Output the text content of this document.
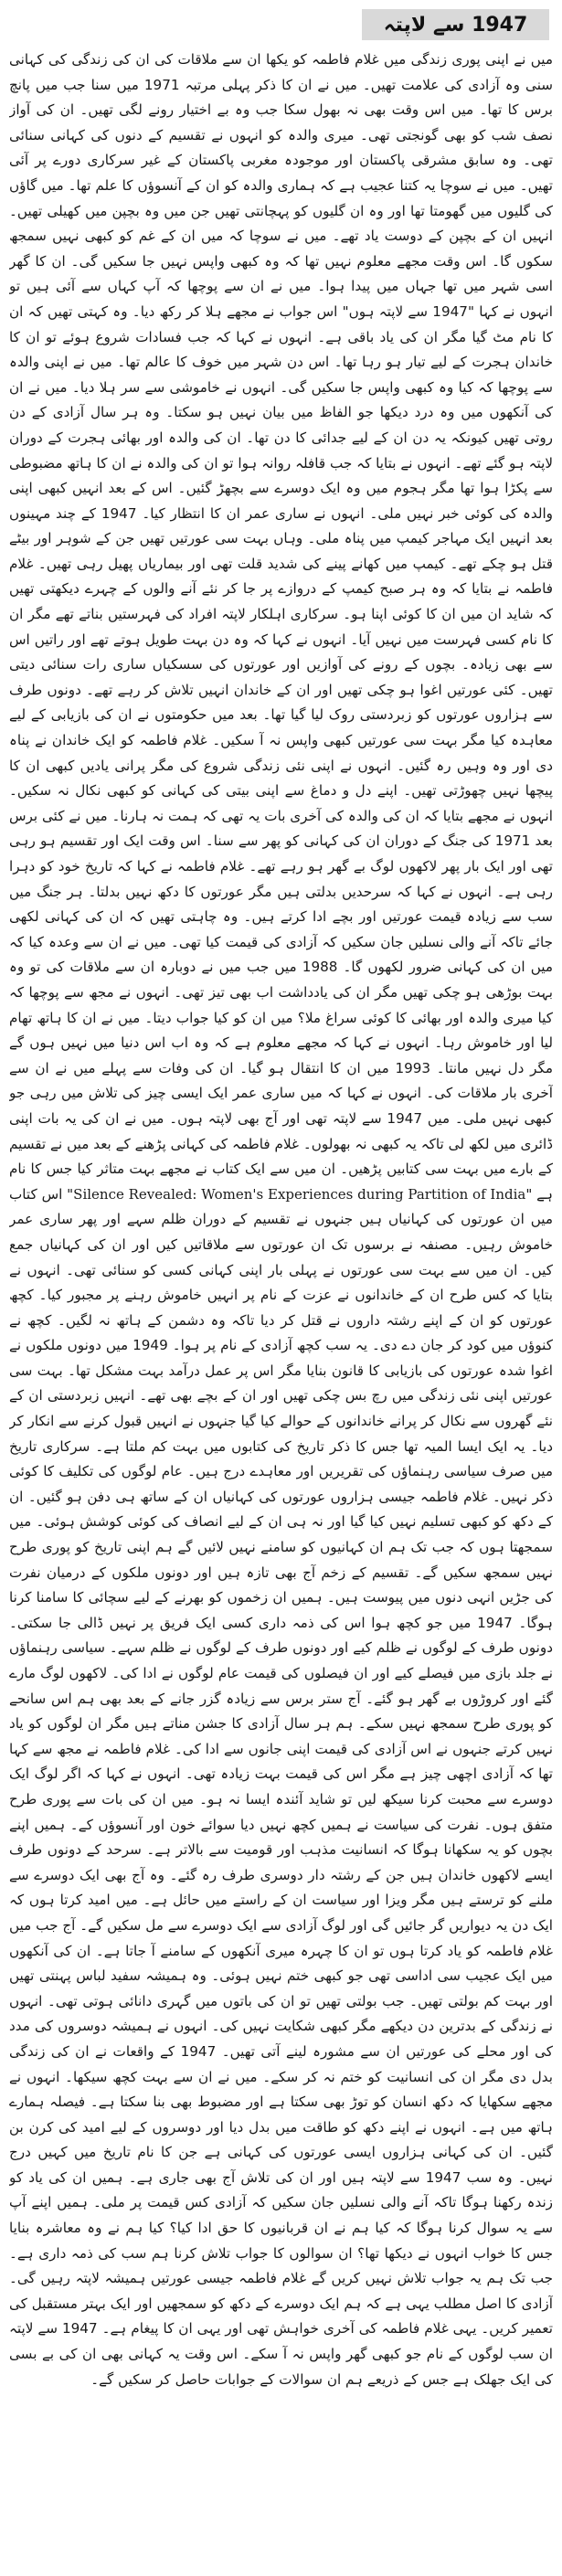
1947 سے لاپتہ

میں نے اپنی پوری زندگی میں غلام فاطمہ کو یکھا ان سے ملاقات کی ان کی زندگی کی کہانی سنی وہ آزادی کی علامت تھیں۔ میں نے ان کا ذکر پہلی مرتبہ 1971 میں سنا جب میں پانچ برس کا تھا۔ میں اس وقت بھی نہ بھول سکا جب وہ بے اختیار رونے لگی تھیں۔ ان کی آواز نصف شب کو بھی گونجتی تھی۔ میری والدہ کو انہوں نے تقسیم کے دنوں کی کہانی سنائی تھی۔ وہ سابق مشرقی پاکستان اور موجودہ مغربی پاکستان کے غیر سرکاری دورے پر آئی تھیں۔ میں نے سوچا یہ کتنا عجیب ہے کہ ہماری والدہ کو ان کے آنسوؤں کا علم تھا۔ میں گاؤں کی گلیوں میں گھومتا تھا اور وہ ان گلیوں کو پہچانتی تھیں جن میں وہ بچپن میں کھیلی تھیں۔ انہیں ان کے بچپن کے دوست یاد تھے۔ میں نے سوچا کہ میں ان کے غم کو کبھی نہیں سمجھ سکوں گا۔ اس وقت مجھے معلوم نہیں تھا کہ وہ کبھی واپس نہیں جا سکیں گی۔ ان کا گھر اسی شہر میں تھا جہاں میں پیدا ہوا۔ میں نے ان سے پوچھا کہ آپ کہاں سے آئی ہیں تو انہوں نے کہا "1947 سے لاپتہ ہوں" اس جواب نے مجھے ہلا کر رکھ دیا۔ وہ کہتی تھیں کہ ان کا نام مٹ گیا مگر ان کی یاد باقی ہے۔ انہوں نے کہا کہ جب فسادات شروع ہوئے تو ان کا خاندان ہجرت کے لیے تیار ہو رہا تھا۔ اس دن شہر میں خوف کا عالم تھا۔ میں نے اپنی والدہ سے پوچھا کہ کیا وہ کبھی واپس جا سکیں گی۔ انہوں نے خاموشی سے سر ہلا دیا۔ میں نے ان کی آنکھوں میں وہ درد دیکھا جو الفاظ میں بیان نہیں ہو سکتا۔ وہ ہر سال آزادی کے دن روتی تھیں کیونکہ یہ دن ان کے لیے جدائی کا دن تھا۔ ان کی والدہ اور بھائی ہجرت کے دوران لاپتہ ہو گئے تھے۔ انہوں نے بتایا کہ جب قافلہ روانہ ہوا تو ان کی والدہ نے ان کا ہاتھ مضبوطی سے پکڑا ہوا تھا مگر ہجوم میں وہ ایک دوسرے سے بچھڑ گئیں۔ اس کے بعد انہیں کبھی اپنی والدہ کی کوئی خبر نہیں ملی۔ انہوں نے ساری عمر ان کا انتظار کیا۔ 1947 کے چند مہینوں بعد انہیں ایک مہاجر کیمپ میں پناہ ملی۔ وہاں بہت سی عورتیں تھیں جن کے شوہر اور بیٹے قتل ہو چکے تھے۔ کیمپ میں کھانے پینے کی شدید قلت تھی اور بیماریاں پھیل رہی تھیں۔ غلام فاطمہ نے بتایا کہ وہ ہر صبح کیمپ کے دروازے پر جا کر نئے آنے والوں کے چہرے دیکھتی تھیں کہ شاید ان میں ان کا کوئی اپنا ہو۔ سرکاری اہلکار لاپتہ افراد کی فہرستیں بناتے تھے مگر ان کا نام کسی فہرست میں نہیں آیا۔ انہوں نے کہا کہ وہ دن بہت طویل ہوتے تھے اور راتیں اس سے بھی زیادہ۔ بچوں کے رونے کی آوازیں اور عورتوں کی سسکیاں ساری رات سنائی دیتی تھیں۔ کئی عورتیں اغوا ہو چکی تھیں اور ان کے خاندان انہیں تلاش کر رہے تھے۔ دونوں طرف سے ہزاروں عورتوں کو زبردستی روک لیا گیا تھا۔ بعد میں حکومتوں نے ان کی بازیابی کے لیے معاہدہ کیا مگر بہت سی عورتیں کبھی واپس نہ آ سکیں۔ غلام فاطمہ کو ایک خاندان نے پناہ دی اور وہ وہیں رہ گئیں۔ انہوں نے اپنی نئی زندگی شروع کی مگر پرانی یادیں کبھی ان کا پیچھا نہیں چھوڑتی تھیں۔ اپنے دل و دماغ سے اپنی بیتی کی کہانی کو کبھی نکال نہ سکیں۔ انہوں نے مجھے بتایا کہ ان کی والدہ کی آخری بات یہ تھی کہ ہمت نہ ہارنا۔ میں نے کئی برس بعد 1971 کی جنگ کے دوران ان کی کہانی کو پھر سے سنا۔ اس وقت ایک اور تقسیم ہو رہی تھی اور ایک بار پھر لاکھوں لوگ بے گھر ہو رہے تھے۔ غلام فاطمہ نے کہا کہ تاریخ خود کو دہرا رہی ہے۔ انہوں نے کہا کہ سرحدیں بدلتی ہیں مگر عورتوں کا دکھ نہیں بدلتا۔ ہر جنگ میں سب سے زیادہ قیمت عورتیں اور بچے ادا کرتے ہیں۔ وہ چاہتی تھیں کہ ان کی کہانی لکھی جائے تاکہ آنے والی نسلیں جان سکیں کہ آزادی کی قیمت کیا تھی۔ میں نے ان سے وعدہ کیا کہ میں ان کی کہانی ضرور لکھوں گا۔ 1988 میں جب میں نے دوبارہ ان سے ملاقات کی تو وہ بہت بوڑھی ہو چکی تھیں مگر ان کی یادداشت اب بھی تیز تھی۔ انہوں نے مجھ سے پوچھا کہ کیا میری والدہ اور بھائی کا کوئی سراغ ملا؟ میں ان کو کیا جواب دیتا۔ میں نے ان کا ہاتھ تھام لیا اور خاموش رہا۔ انہوں نے کہا کہ مجھے معلوم ہے کہ وہ اب اس دنیا میں نہیں ہوں گے مگر دل نہیں مانتا۔ 1993 میں ان کا انتقال ہو گیا۔ ان کی وفات سے پہلے میں نے ان سے آخری بار ملاقات کی۔ انہوں نے کہا کہ میں ساری عمر ایک ایسی چیز کی تلاش میں رہی جو کبھی نہیں ملی۔ میں 1947 سے لاپتہ تھی اور آج بھی لاپتہ ہوں۔ میں نے ان کی یہ بات اپنی ڈائری میں لکھ لی تاکہ یہ کبھی نہ بھولوں۔ غلام فاطمہ کی کہانی پڑھنے کے بعد میں نے تقسیم کے بارے میں بہت سی کتابیں پڑھیں۔ ان میں سے ایک کتاب نے مجھے بہت متاثر کیا جس کا نام ہے "Silence Revealed: Women's Experiences during Partition of India" اس کتاب میں ان عورتوں کی کہانیاں ہیں جنہوں نے تقسیم کے دوران ظلم سہے اور پھر ساری عمر خاموش رہیں۔ مصنفہ نے برسوں تک ان عورتوں سے ملاقاتیں کیں اور ان کی کہانیاں جمع کیں۔ ان میں سے بہت سی عورتوں نے پہلی بار اپنی کہانی کسی کو سنائی تھی۔ انہوں نے بتایا کہ کس طرح ان کے خاندانوں نے عزت کے نام پر انہیں خاموش رہنے پر مجبور کیا۔ کچھ عورتوں کو ان کے اپنے رشتہ داروں نے قتل کر دیا تاکہ وہ دشمن کے ہاتھ نہ لگیں۔ کچھ نے کنوؤں میں کود کر جان دے دی۔ یہ سب کچھ آزادی کے نام پر ہوا۔ 1949 میں دونوں ملکوں نے اغوا شدہ عورتوں کی بازیابی کا قانون بنایا مگر اس پر عمل درآمد بہت مشکل تھا۔ بہت سی عورتیں اپنی نئی زندگی میں رچ بس چکی تھیں اور ان کے بچے بھی تھے۔ انہیں زبردستی ان کے نئے گھروں سے نکال کر پرانے خاندانوں کے حوالے کیا گیا جنہوں نے انہیں قبول کرنے سے انکار کر دیا۔ یہ ایک ایسا المیہ تھا جس کا ذکر تاریخ کی کتابوں میں بہت کم ملتا ہے۔ سرکاری تاریخ میں صرف سیاسی رہنماؤں کی تقریریں اور معاہدے درج ہیں۔ عام لوگوں کی تکلیف کا کوئی ذکر نہیں۔ غلام فاطمہ جیسی ہزاروں عورتوں کی کہانیاں ان کے ساتھ ہی دفن ہو گئیں۔ ان کے دکھ کو کبھی تسلیم نہیں کیا گیا اور نہ ہی ان کے لیے انصاف کی کوئی کوشش ہوئی۔ میں سمجھتا ہوں کہ جب تک ہم ان کہانیوں کو سامنے نہیں لائیں گے ہم اپنی تاریخ کو پوری طرح نہیں سمجھ سکیں گے۔ تقسیم کے زخم آج بھی تازہ ہیں اور دونوں ملکوں کے درمیان نفرت کی جڑیں انہی دنوں میں پیوست ہیں۔ ہمیں ان زخموں کو بھرنے کے لیے سچائی کا سامنا کرنا ہوگا۔ 1947 میں جو کچھ ہوا اس کی ذمہ داری کسی ایک فریق پر نہیں ڈالی جا سکتی۔ دونوں طرف کے لوگوں نے ظلم کیے اور دونوں طرف کے لوگوں نے ظلم سہے۔ سیاسی رہنماؤں نے جلد بازی میں فیصلے کیے اور ان فیصلوں کی قیمت عام لوگوں نے ادا کی۔ لاکھوں لوگ مارے گئے اور کروڑوں بے گھر ہو گئے۔ آج ستر برس سے زیادہ گزر جانے کے بعد بھی ہم اس سانحے کو پوری طرح سمجھ نہیں سکے۔ ہم ہر سال آزادی کا جشن مناتے ہیں مگر ان لوگوں کو یاد نہیں کرتے جنہوں نے اس آزادی کی قیمت اپنی جانوں سے ادا کی۔ غلام فاطمہ نے مجھ سے کہا تھا کہ آزادی اچھی چیز ہے مگر اس کی قیمت بہت زیادہ تھی۔ انہوں نے کہا کہ اگر لوگ ایک دوسرے سے محبت کرنا سیکھ لیں تو شاید آئندہ ایسا نہ ہو۔ میں ان کی بات سے پوری طرح متفق ہوں۔ نفرت کی سیاست نے ہمیں کچھ نہیں دیا سوائے خون اور آنسوؤں کے۔ ہمیں اپنے بچوں کو یہ سکھانا ہوگا کہ انسانیت مذہب اور قومیت سے بالاتر ہے۔ سرحد کے دونوں طرف ایسے لاکھوں خاندان ہیں جن کے رشتہ دار دوسری طرف رہ گئے۔ وہ آج بھی ایک دوسرے سے ملنے کو ترستے ہیں مگر ویزا اور سیاست ان کے راستے میں حائل ہے۔ میں امید کرتا ہوں کہ ایک دن یہ دیواریں گر جائیں گی اور لوگ آزادی سے ایک دوسرے سے مل سکیں گے۔ آج جب میں غلام فاطمہ کو یاد کرتا ہوں تو ان کا چہرہ میری آنکھوں کے سامنے آ جاتا ہے۔ ان کی آنکھوں میں ایک عجیب سی اداسی تھی جو کبھی ختم نہیں ہوئی۔ وہ ہمیشہ سفید لباس پہنتی تھیں اور بہت کم بولتی تھیں۔ جب بولتی تھیں تو ان کی باتوں میں گہری دانائی ہوتی تھی۔ انہوں نے زندگی کے بدترین دن دیکھے مگر کبھی شکایت نہیں کی۔ انہوں نے ہمیشہ دوسروں کی مدد کی اور محلے کی عورتیں ان سے مشورہ لینے آتی تھیں۔ 1947 کے واقعات نے ان کی زندگی بدل دی مگر ان کی انسانیت کو ختم نہ کر سکے۔ میں نے ان سے بہت کچھ سیکھا۔ انہوں نے مجھے سکھایا کہ دکھ انسان کو توڑ بھی سکتا ہے اور مضبوط بھی بنا سکتا ہے۔ فیصلہ ہمارے ہاتھ میں ہے۔ انہوں نے اپنے دکھ کو طاقت میں بدل دیا اور دوسروں کے لیے امید کی کرن بن گئیں۔ ان کی کہانی ہزاروں ایسی عورتوں کی کہانی ہے جن کا نام تاریخ میں کہیں درج نہیں۔ وہ سب 1947 سے لاپتہ ہیں اور ان کی تلاش آج بھی جاری ہے۔ ہمیں ان کی یاد کو زندہ رکھنا ہوگا تاکہ آنے والی نسلیں جان سکیں کہ آزادی کس قیمت پر ملی۔ ہمیں اپنے آپ سے یہ سوال کرنا ہوگا کہ کیا ہم نے ان قربانیوں کا حق ادا کیا؟ کیا ہم نے وہ معاشرہ بنایا جس کا خواب انہوں نے دیکھا تھا؟ ان سوالوں کا جواب تلاش کرنا ہم سب کی ذمہ داری ہے۔ جب تک ہم یہ جواب تلاش نہیں کریں گے غلام فاطمہ جیسی عورتیں ہمیشہ لاپتہ رہیں گی۔ آزادی کا اصل مطلب یہی ہے کہ ہم ایک دوسرے کے دکھ کو سمجھیں اور ایک بہتر مستقبل کی تعمیر کریں۔ یہی غلام فاطمہ کی آخری خواہش تھی اور یہی ان کا پیغام ہے۔ 1947 سے لاپتہ ان سب لوگوں کے نام جو کبھی گھر واپس نہ آ سکے۔ اس وقت یہ کہانی بھی ان کی بے بسی کی ایک جھلک ہے جس کے ذریعے ہم ان سوالات کے جوابات حاصل کر سکیں گے۔
